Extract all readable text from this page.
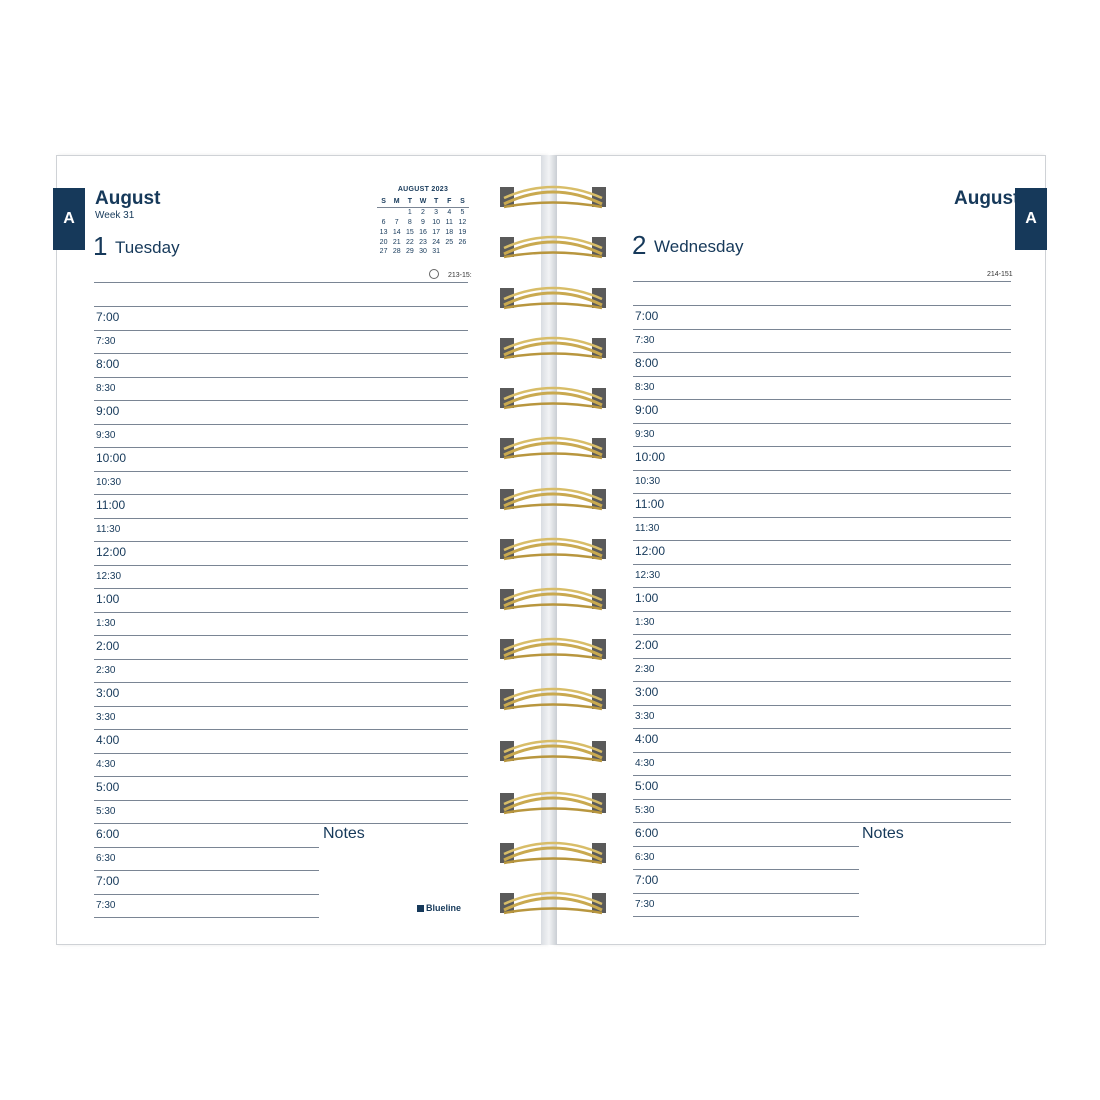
A	A
August
Week 31
1 Tuesday
AUGUST 2023
S	M	T	W	T	F	S
		1	2	3	4	5
6	7	8	9	10	11	12
13	14	15	16	17	18	19
20	21	22	23	24	25	26
27	28	29	30	31		
213-15:
August
2 Wednesday
214-151
7:00
7:30
8:00
8:30
9:00
9:30
10:00
10:30
11:00
11:30
12:00
12:30
1:00
1:30
2:00
2:30
3:00
3:30
4:00
4:30
5:00
5:30
6:00
6:30
7:00
7:30
7:00
7:30
8:00
8:30
9:00
9:30
10:00
10:30
11:00
11:30
12:00
12:30
1:00
1:30
2:00
2:30
3:00
3:30
4:00
4:30
5:00
5:30
6:00
6:30
7:00
7:30
Notes	Notes
Blueline
